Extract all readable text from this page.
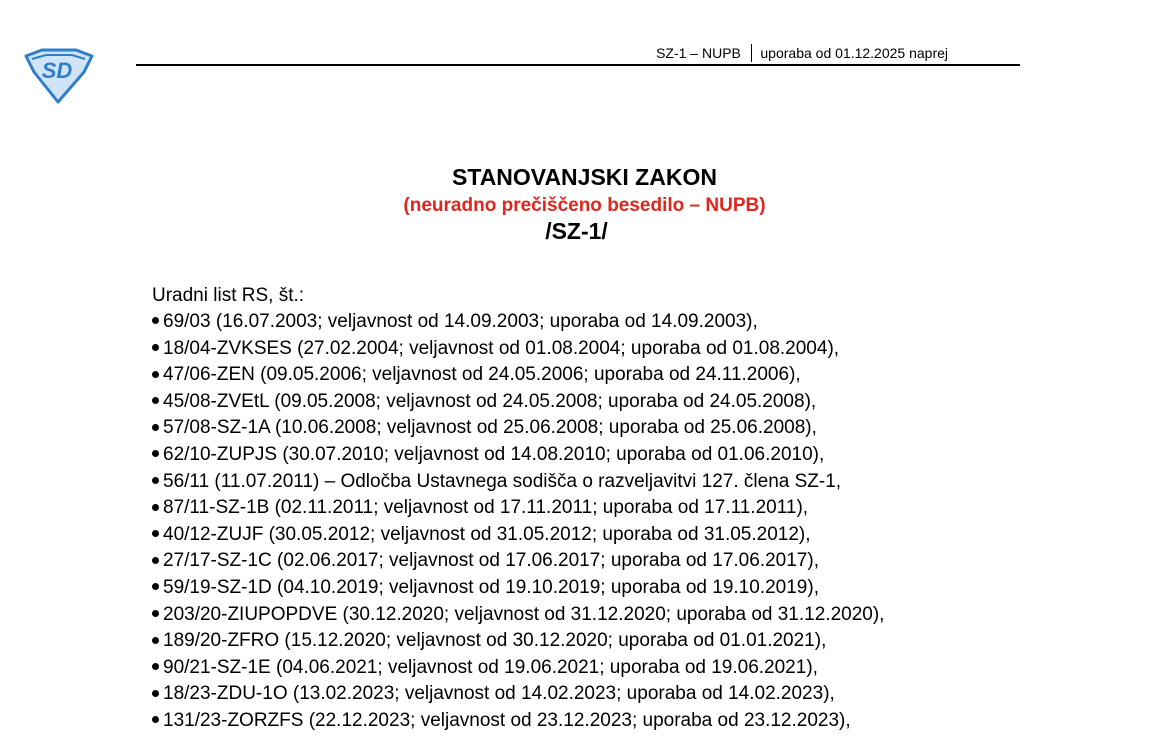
SD
SZ-1 – NUPB uporaba od 01.12.2025 naprej
STANOVANJSKI ZAKON
(neuradno prečiščeno besedilo – NUPB)
/SZ-1/
Uradni list RS, št.:
69/03 (16.07.2003; veljavnost od 14.09.2003; uporaba od 14.09.2003),
18/04-ZVKSES (27.02.2004; veljavnost od 01.08.2004; uporaba od 01.08.2004),
47/06-ZEN (09.05.2006; veljavnost od 24.05.2006; uporaba od 24.11.2006),
45/08-ZVEtL (09.05.2008; veljavnost od 24.05.2008; uporaba od 24.05.2008),
57/08-SZ-1A (10.06.2008; veljavnost od 25.06.2008; uporaba od 25.06.2008),
62/10-ZUPJS (30.07.2010; veljavnost od 14.08.2010; uporaba od 01.06.2010),
56/11 (11.07.2011) – Odločba Ustavnega sodišča o razveljavitvi 127. člena SZ-1,
87/11-SZ-1B (02.11.2011; veljavnost od 17.11.2011; uporaba od 17.11.2011),
40/12-ZUJF (30.05.2012; veljavnost od 31.05.2012; uporaba od 31.05.2012),
27/17-SZ-1C (02.06.2017; veljavnost od 17.06.2017; uporaba od 17.06.2017),
59/19-SZ-1D (04.10.2019; veljavnost od 19.10.2019; uporaba od 19.10.2019),
203/20-ZIUPOPDVE (30.12.2020; veljavnost od 31.12.2020; uporaba od 31.12.2020),
189/20-ZFRO (15.12.2020; veljavnost od 30.12.2020; uporaba od 01.01.2021),
90/21-SZ-1E (04.06.2021; veljavnost od 19.06.2021; uporaba od 19.06.2021),
18/23-ZDU-1O (13.02.2023; veljavnost od 14.02.2023; uporaba od 14.02.2023),
131/23-ZORZFS (22.12.2023; veljavnost od 23.12.2023; uporaba od 23.12.2023),
